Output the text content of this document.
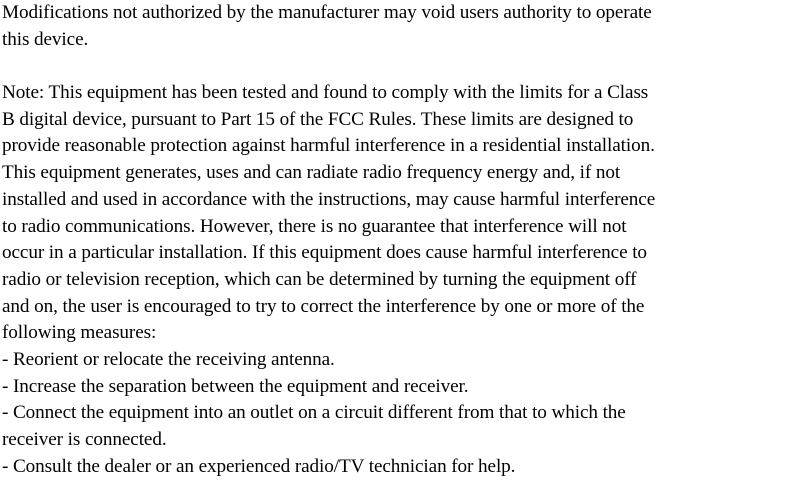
Modifications not authorized by the manufacturer may void users authority to operate
this device.
Note: This equipment has been tested and found to comply with the limits for a Class
B digital device, pursuant to Part 15 of the FCC Rules. These limits are designed to
provide reasonable protection against harmful interference in a residential installation.
This equipment generates, uses and can radiate radio frequency energy and, if not
installed and used in accordance with the instructions, may cause harmful interference
to radio communications. However, there is no guarantee that interference will not
occur in a particular installation. If this equipment does cause harmful interference to
radio or television reception, which can be determined by turning the equipment off
and on, the user is encouraged to try to correct the interference by one or more of the
following measures:
- Reorient or relocate the receiving antenna.
- Increase the separation between the equipment and receiver.
- Connect the equipment into an outlet on a circuit different from that to which the
receiver is connected.
- Consult the dealer or an experienced radio/TV technician for help.
